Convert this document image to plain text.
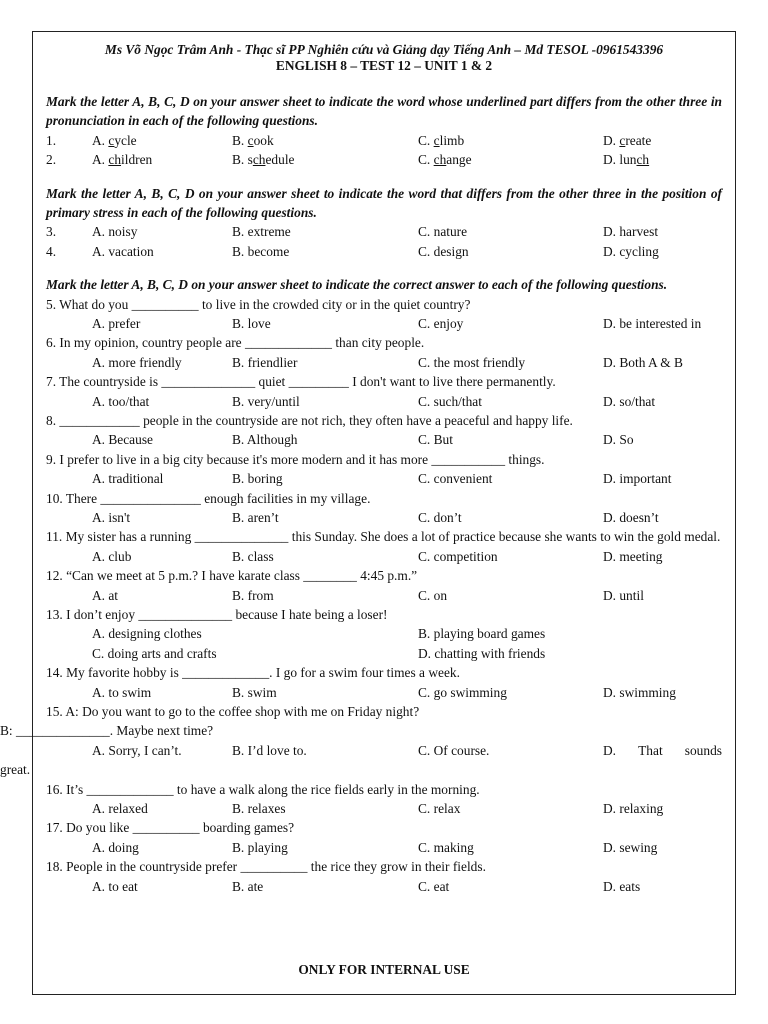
Ms Võ Ngọc Trâm Anh - Thạc sĩ PP Nghiên cứu và Giảng dạy Tiếng Anh – Md TESOL -0961543396
ENGLISH 8 – TEST 12 – UNIT 1 & 2
Mark the letter A, B, C, D on your answer sheet to indicate the word whose underlined part differs from the other three in pronunciation in each of the following questions.
1.	A. cycle	B. cook	C. climb	D. create
2.	A. children	B. schedule	C. change	D. lunch
Mark the letter A, B, C, D on your answer sheet to indicate the word that differs from the other three in the position of primary stress in each of the following questions.
3.	A. noisy	B. extreme	C. nature	D. harvest
4.	A. vacation	B. become	C. design	D. cycling
Mark the letter A, B, C, D on your answer sheet to indicate the correct answer to each of the following questions.
5. What do you __________ to live in the crowded city or in the quiet country?
A. prefer	B. love	C. enjoy	D. be interested in
6. In my opinion, country people are _____________ than city people.
A. more friendly	B. friendlier	C. the most friendly	D. Both A & B
7. The countryside is ______________ quiet _________ I don't want to live there permanently.
A. too/that	B. very/until	C. such/that	D. so/that
8. ____________ people in the countryside are not rich, they often have a peaceful and happy life.
A. Because	B. Although	C. But	D. So
9. I prefer to live in a big city because it's more modern and it has more ___________ things.
A. traditional	B. boring	C. convenient	D. important
10. There _______________ enough facilities in my village.
A. isn't	B. aren’t	C. don’t	D. doesn’t
11. My sister has a running ______________ this Sunday. She does a lot of practice because she wants to win the gold medal.
A. club	B. class	C. competition	D. meeting
12. “Can we meet at 5 p.m.? I have karate class ________ 4:45 p.m.”
A. at	B. from	C. on	D. until
13. I don’t enjoy ______________ because I hate being a loser!
A. designing clothes	B. playing board games
C. doing arts and crafts	D. chatting with friends
14. My favorite hobby is _____________. I go for a swim four times a week.
A. to swim	B. swim	C. go swimming	D. swimming
15. A: Do you want to go to the coffee shop with me on Friday night?
B: ______________. Maybe next time?
A. Sorry, I can’t.	B. I’d love to.	C. Of course.	D. That sounds
great.
16. It’s _____________ to have a walk along the rice fields early in the morning.
A. relaxed	B. relaxes	C. relax	D. relaxing
17. Do you like __________ boarding games?
A. doing	B. playing	C. making	D. sewing
18. People in the countryside prefer __________ the rice they grow in their fields.
A. to eat	B. ate	C. eat	D. eats
ONLY FOR INTERNAL USE
